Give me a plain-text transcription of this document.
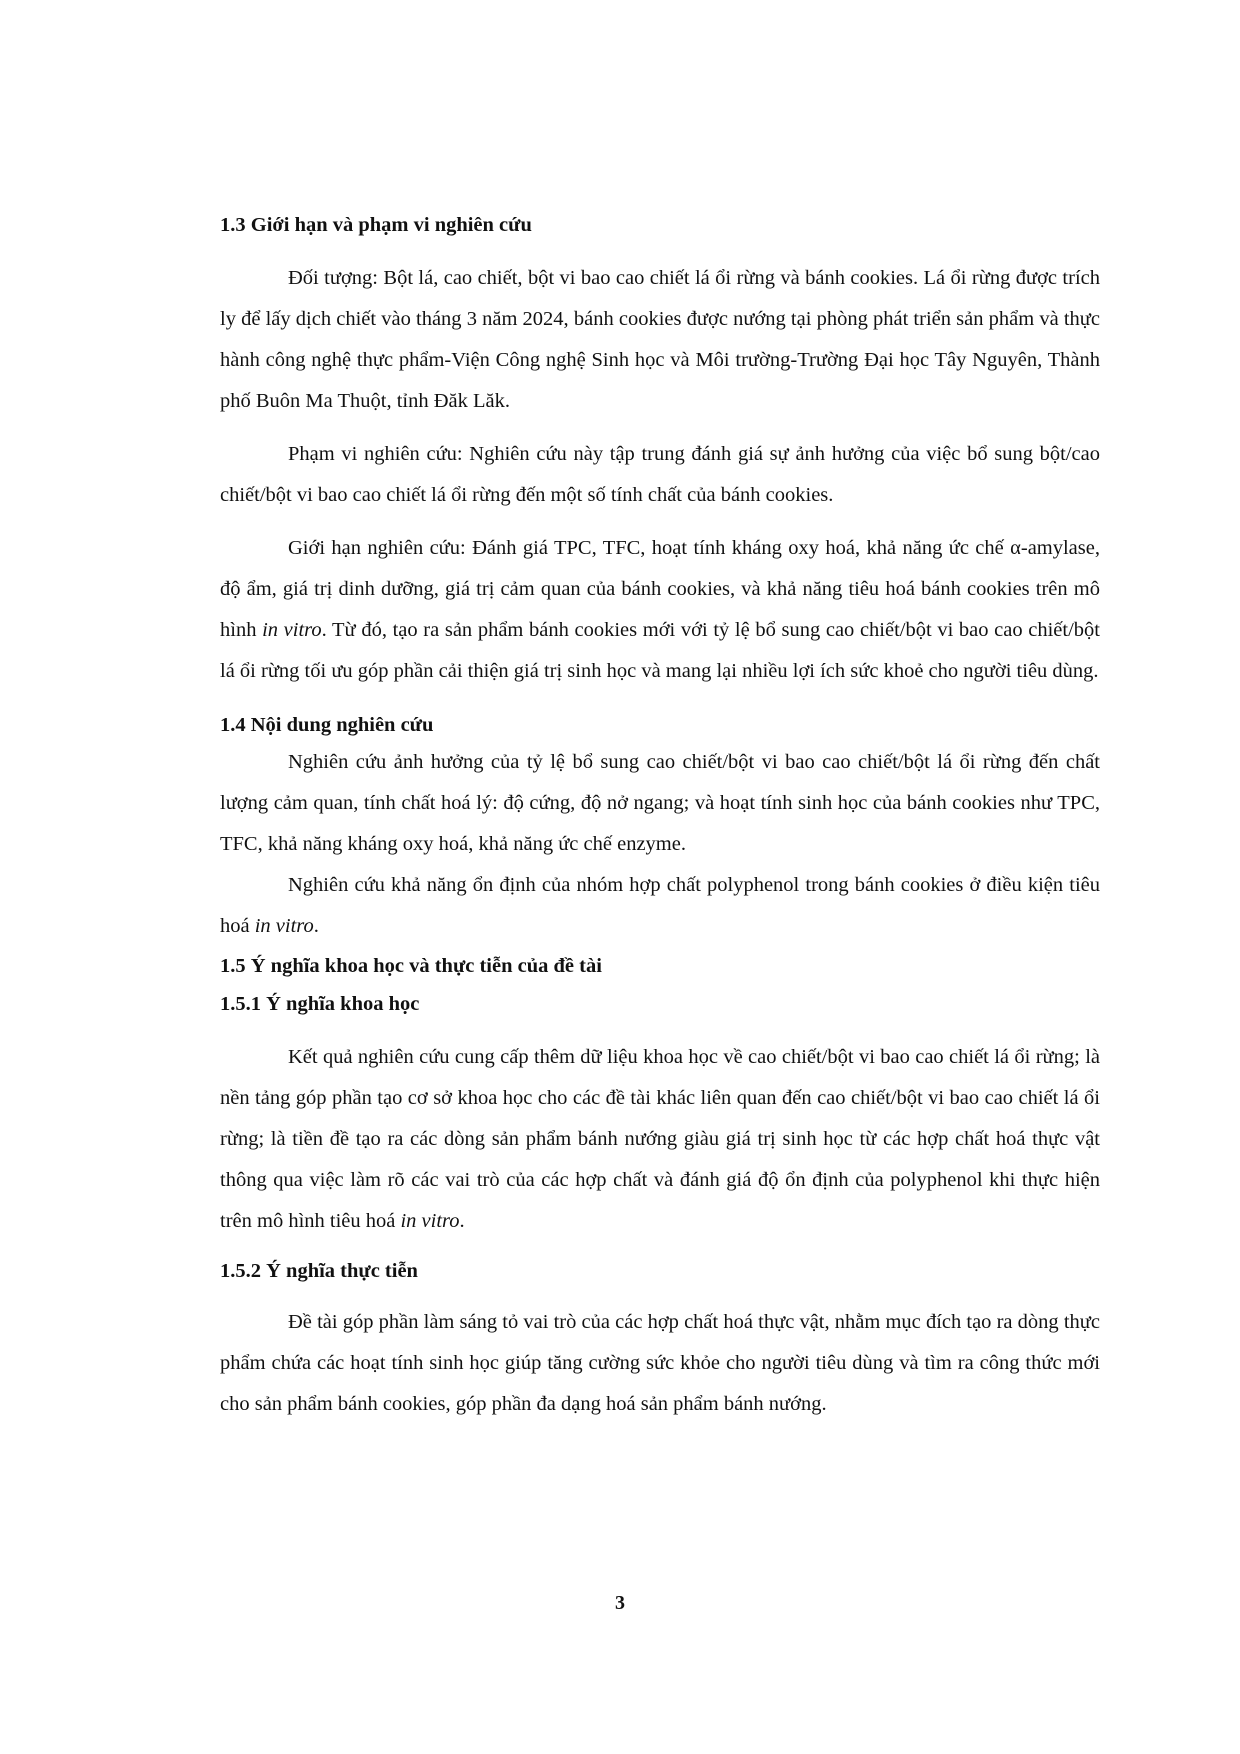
1.3 Giới hạn và phạm vi nghiên cứu

Đối tượng: Bột lá, cao chiết, bột vi bao cao chiết lá ổi rừng và bánh cookies. Lá ổi rừng được trích ly để lấy dịch chiết vào tháng 3 năm 2024, bánh cookies được nướng tại phòng phát triển sản phẩm và thực hành công nghệ thực phẩm-Viện Công nghệ Sinh học và Môi trường-Trường Đại học Tây Nguyên, Thành phố Buôn Ma Thuột, tỉnh Đăk Lăk.

Phạm vi nghiên cứu: Nghiên cứu này tập trung đánh giá sự ảnh hưởng của việc bổ sung bột/cao chiết/bột vi bao cao chiết lá ổi rừng đến một số tính chất của bánh cookies.

Giới hạn nghiên cứu: Đánh giá TPC, TFC, hoạt tính kháng oxy hoá, khả năng ức chế α-amylase, độ ẩm, giá trị dinh dưỡng, giá trị cảm quan của bánh cookies, và khả năng tiêu hoá bánh cookies trên mô hình in vitro. Từ đó, tạo ra sản phẩm bánh cookies mới với tỷ lệ bổ sung cao chiết/bột vi bao cao chiết/bột lá ổi rừng tối ưu góp phần cải thiện giá trị sinh học và mang lại nhiều lợi ích sức khoẻ cho người tiêu dùng.

1.4 Nội dung nghiên cứu

Nghiên cứu ảnh hưởng của tỷ lệ bổ sung cao chiết/bột vi bao cao chiết/bột lá ổi rừng đến chất lượng cảm quan, tính chất hoá lý: độ cứng, độ nở ngang; và hoạt tính sinh học của bánh cookies như TPC, TFC, khả năng kháng oxy hoá, khả năng ức chế enzyme.

Nghiên cứu khả năng ổn định của nhóm hợp chất polyphenol trong bánh cookies ở điều kiện tiêu hoá in vitro.

1.5 Ý nghĩa khoa học và thực tiễn của đề tài

1.5.1 Ý nghĩa khoa học

Kết quả nghiên cứu cung cấp thêm dữ liệu khoa học về cao chiết/bột vi bao cao chiết lá ổi rừng; là nền tảng góp phần tạo cơ sở khoa học cho các đề tài khác liên quan đến cao chiết/bột vi bao cao chiết lá ổi rừng; là tiền đề tạo ra các dòng sản phẩm bánh nướng giàu giá trị sinh học từ các hợp chất hoá thực vật thông qua việc làm rõ các vai trò của các hợp chất và đánh giá độ ổn định của polyphenol khi thực hiện trên mô hình tiêu hoá in vitro.

1.5.2 Ý nghĩa thực tiễn

Đề tài góp phần làm sáng tỏ vai trò của các hợp chất hoá thực vật, nhằm mục đích tạo ra dòng thực phẩm chứa các hoạt tính sinh học giúp tăng cường sức khỏe cho người tiêu dùng và tìm ra công thức mới cho sản phẩm bánh cookies, góp phần đa dạng hoá sản phẩm bánh nướng.

3
